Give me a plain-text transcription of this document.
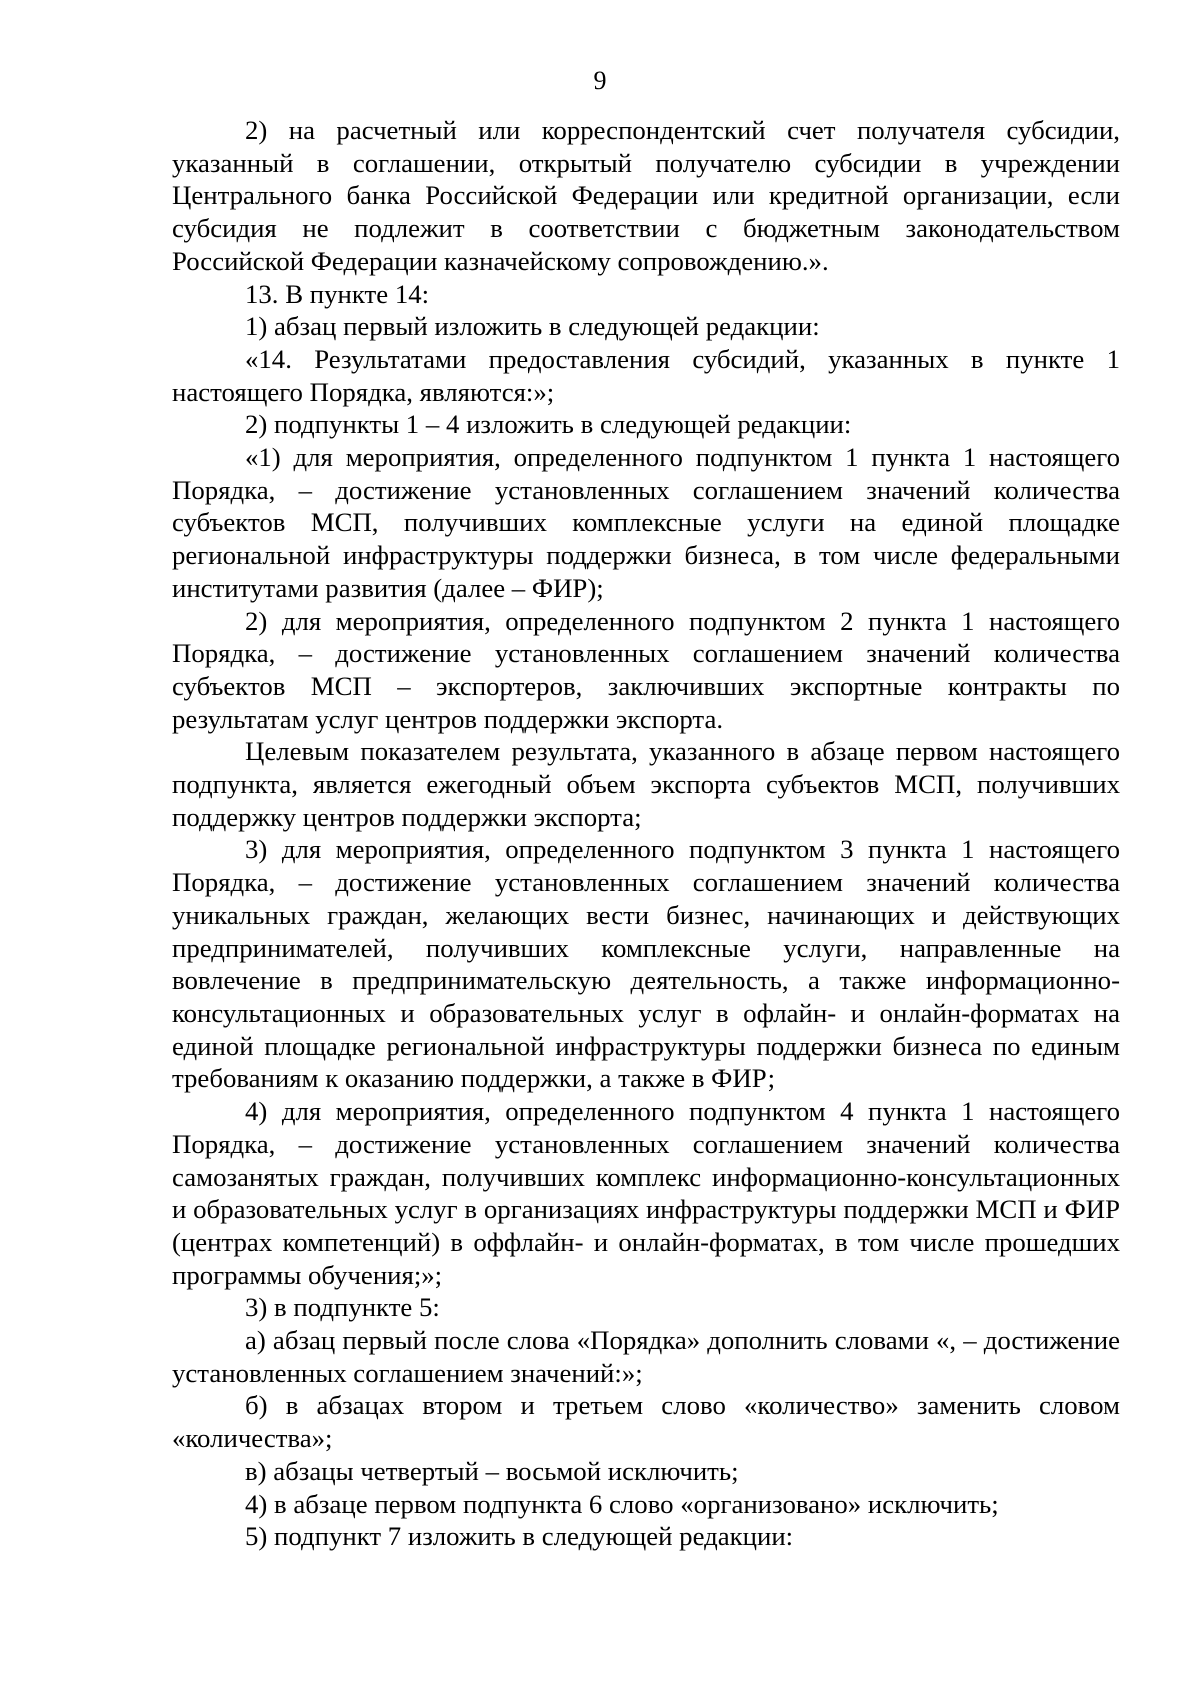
9

2) на расчетный или корреспондентский счет получателя субсидии, указанный в соглашении, открытый получателю субсидии в учреждении Центрального банка Российской Федерации или кредитной организации, если субсидия не подлежит в соответствии с бюджетным законодательством Российской Федерации казначейскому сопровождению.».

13. В пункте 14:

1) абзац первый изложить в следующей редакции:

«14. Результатами предоставления субсидий, указанных в пункте 1 настоящего Порядка, являются:»;

2) подпункты 1 – 4 изложить в следующей редакции:

«1) для мероприятия, определенного подпунктом 1 пункта 1 настоящего Порядка, – достижение установленных соглашением значений количества субъектов МСП, получивших комплексные услуги на единой площадке региональной инфраструктуры поддержки бизнеса, в том числе федеральными институтами развития (далее – ФИР);

2) для мероприятия, определенного подпунктом 2 пункта 1 настоящего Порядка, – достижение установленных соглашением значений количества субъектов МСП – экспортеров, заключивших экспортные контракты по результатам услуг центров поддержки экспорта.

Целевым показателем результата, указанного в абзаце первом настоящего подпункта, является ежегодный объем экспорта субъектов МСП, получивших поддержку центров поддержки экспорта;

3) для мероприятия, определенного подпунктом 3 пункта 1 настоящего Порядка, – достижение установленных соглашением значений количества уникальных граждан, желающих вести бизнес, начинающих и действующих предпринимателей, получивших комплексные услуги, направленные на вовлечение в предпринимательскую деятельность, а также информационно-консультационных и образовательных услуг в офлайн- и онлайн-форматах на единой площадке региональной инфраструктуры поддержки бизнеса по единым требованиям к оказанию поддержки, а также в ФИР;

4) для мероприятия, определенного подпунктом 4 пункта 1 настоящего Порядка, – достижение установленных соглашением значений количества самозанятых граждан, получивших комплекс информационно-консультационных и образовательных услуг в организациях инфраструктуры поддержки МСП и ФИР (центрах компетенций) в оффлайн- и онлайн-форматах, в том числе прошедших программы обучения;»;

3) в подпункте 5:

а) абзац первый после слова «Порядка» дополнить словами «, – достижение установленных соглашением значений:»;

б) в абзацах втором и третьем слово «количество» заменить словом «количества»;

в) абзацы четвертый – восьмой исключить;

4) в абзаце первом подпункта 6 слово «организовано» исключить;

5) подпункт 7 изложить в следующей редакции:
